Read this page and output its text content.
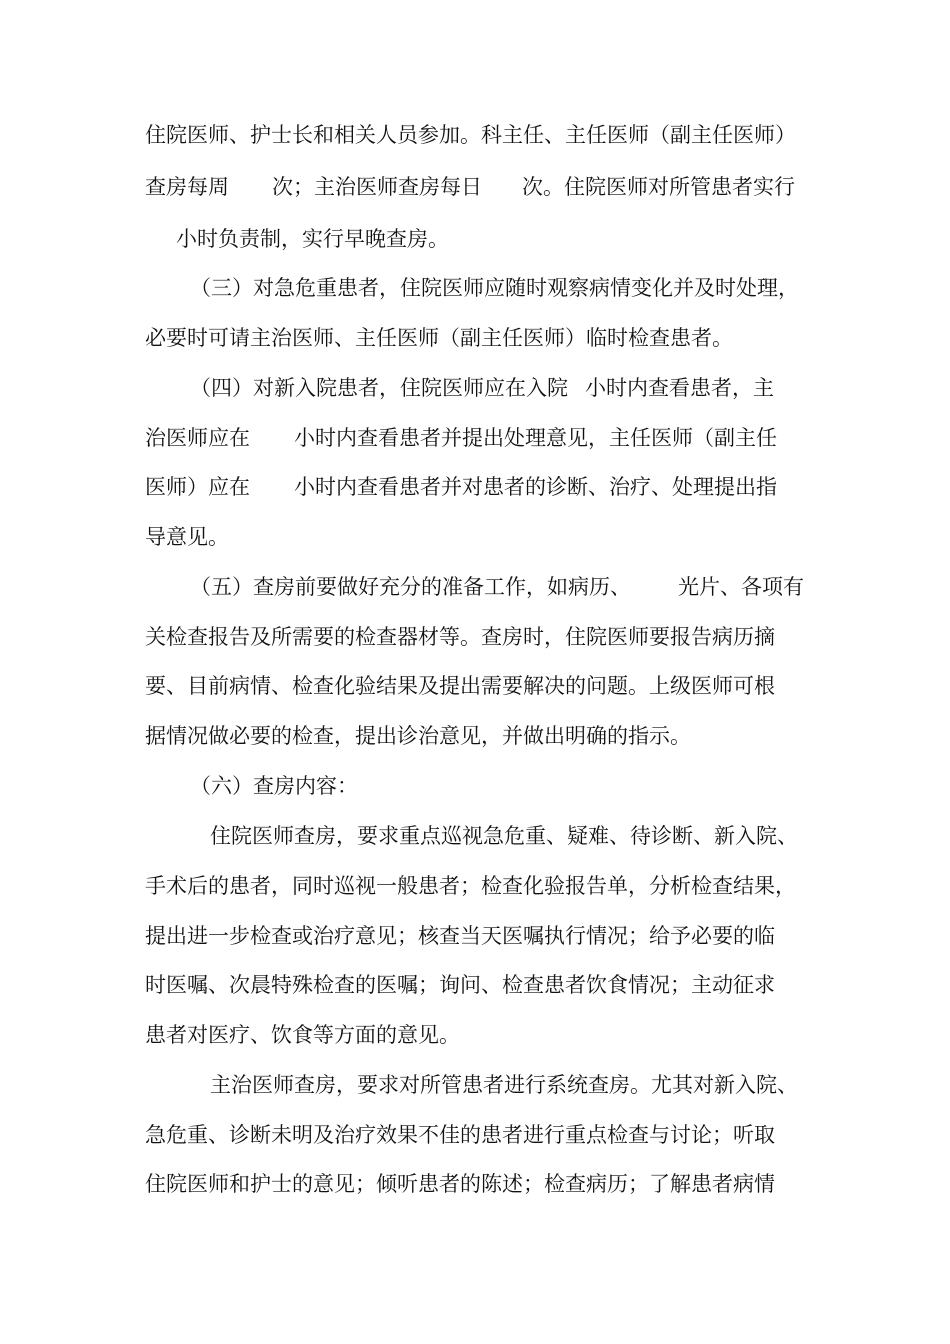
住院医师、护士长和相关人员参加。科主任、主任医师（副主任医师）

查房每周

次；主治医师查房每日

次。住院医师对所管患者实行

小时负责制，实行早晚查房。

（三）对急危重患者，住院医师应随时观察病情变化并及时处理，

必要时可请主治医师、主任医师（副主任医师）临时检查患者。

（四）对新入院患者，住院医师应在入院

小时内查看患者，主

治医师应在

小时内查看患者并提出处理意见，主任医师（副主任

医师）应在

小时内查看患者并对患者的诊断、治疗、处理提出指

导意见。

（五）查房前要做好充分的准备工作，如病历、

光片、各项有

关检查报告及所需要的检查器材等。查房时，住院医师要报告病历摘

要、目前病情、检查化验结果及提出需要解决的问题。上级医师可根

据情况做必要的检查，提出诊治意见，并做出明确的指示。

（六）查房内容：

住院医师查房，要求重点巡视急危重、疑难、待诊断、新入院、

手术后的患者，同时巡视一般患者；检查化验报告单，分析检查结果，

提出进一步检查或治疗意见；核查当天医嘱执行情况；给予必要的临

时医嘱、次晨特殊检查的医嘱；询问、检查患者饮食情况；主动征求

患者对医疗、饮食等方面的意见。

主治医师查房，要求对所管患者进行系统查房。尤其对新入院、

急危重、诊断未明及治疗效果不佳的患者进行重点检查与讨论；听取

住院医师和护士的意见；倾听患者的陈述；检查病历；了解患者病情
